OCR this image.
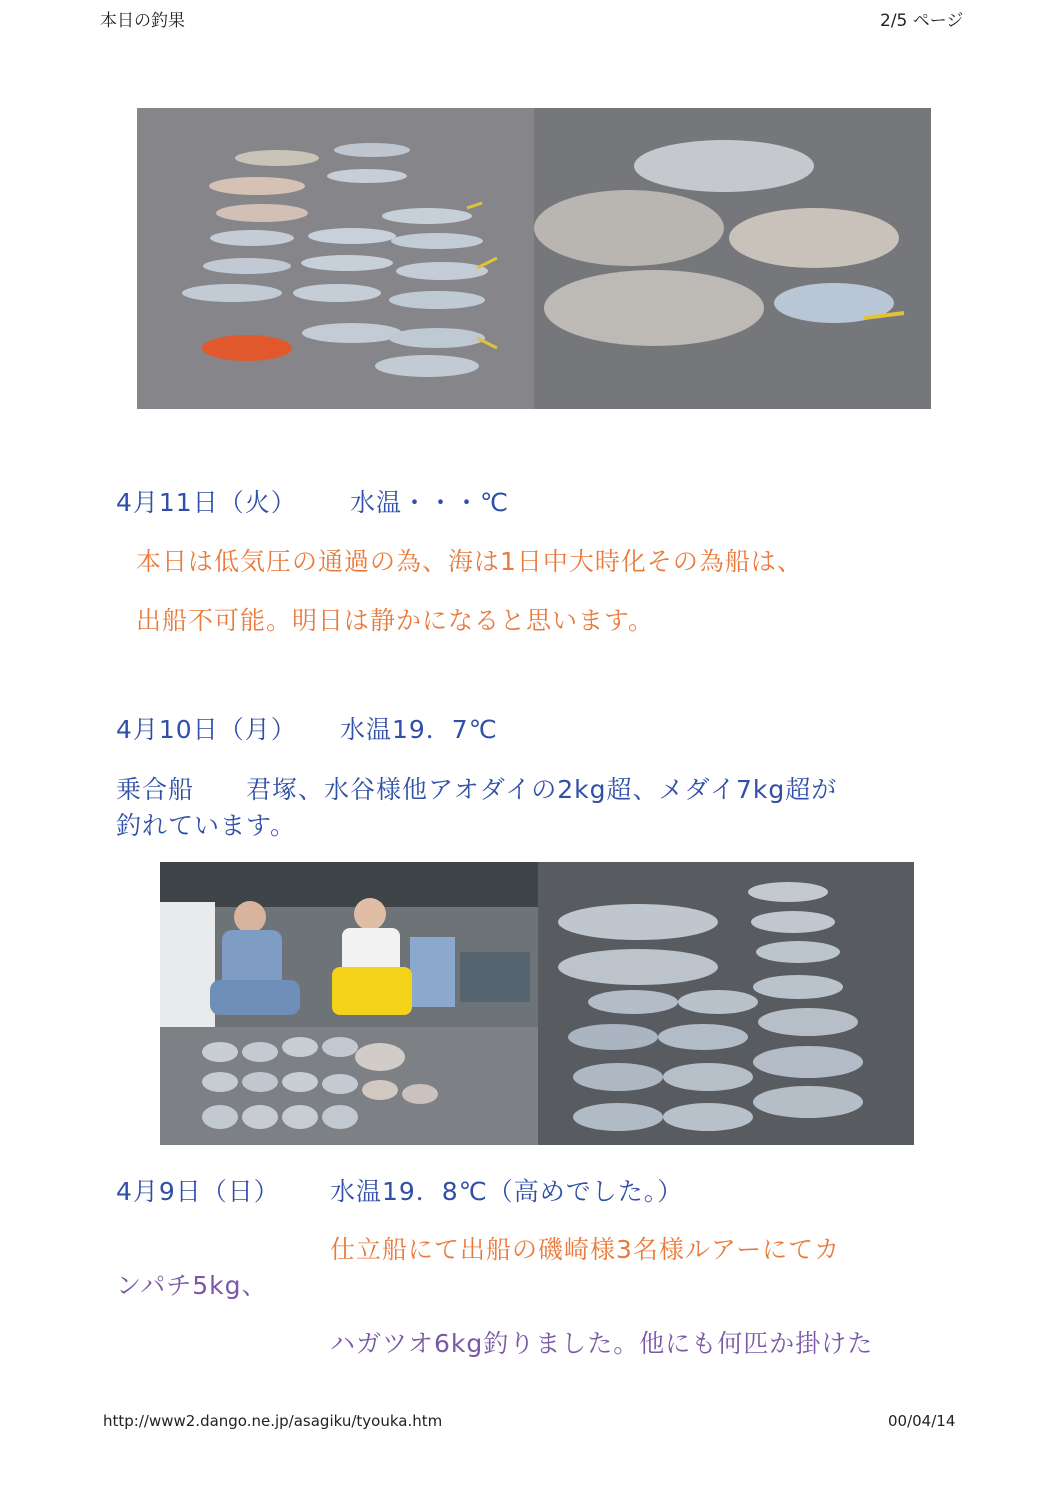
本日の釣果	2/5 ページ
4月11日（火） 水温・・・℃
本日は低気圧の通過の為、海は1日中大時化その為船は、
出船不可能。明日は静かになると思います。
4月10日（月） 水温19．7℃
乗合船　　君塚、水谷様他アオダイの2kg超、メダイ7kg超が
釣れています。
4月9日（日） 水温19．8℃（高めでした。）
仕立船にて出船の磯崎様3名様ルアーにてカ
ンパチ5kg、
ハガツオ6kg釣りました。他にも何匹か掛けた
http://www2.dango.ne.jp/asagiku/tyouka.htm	00/04/14
